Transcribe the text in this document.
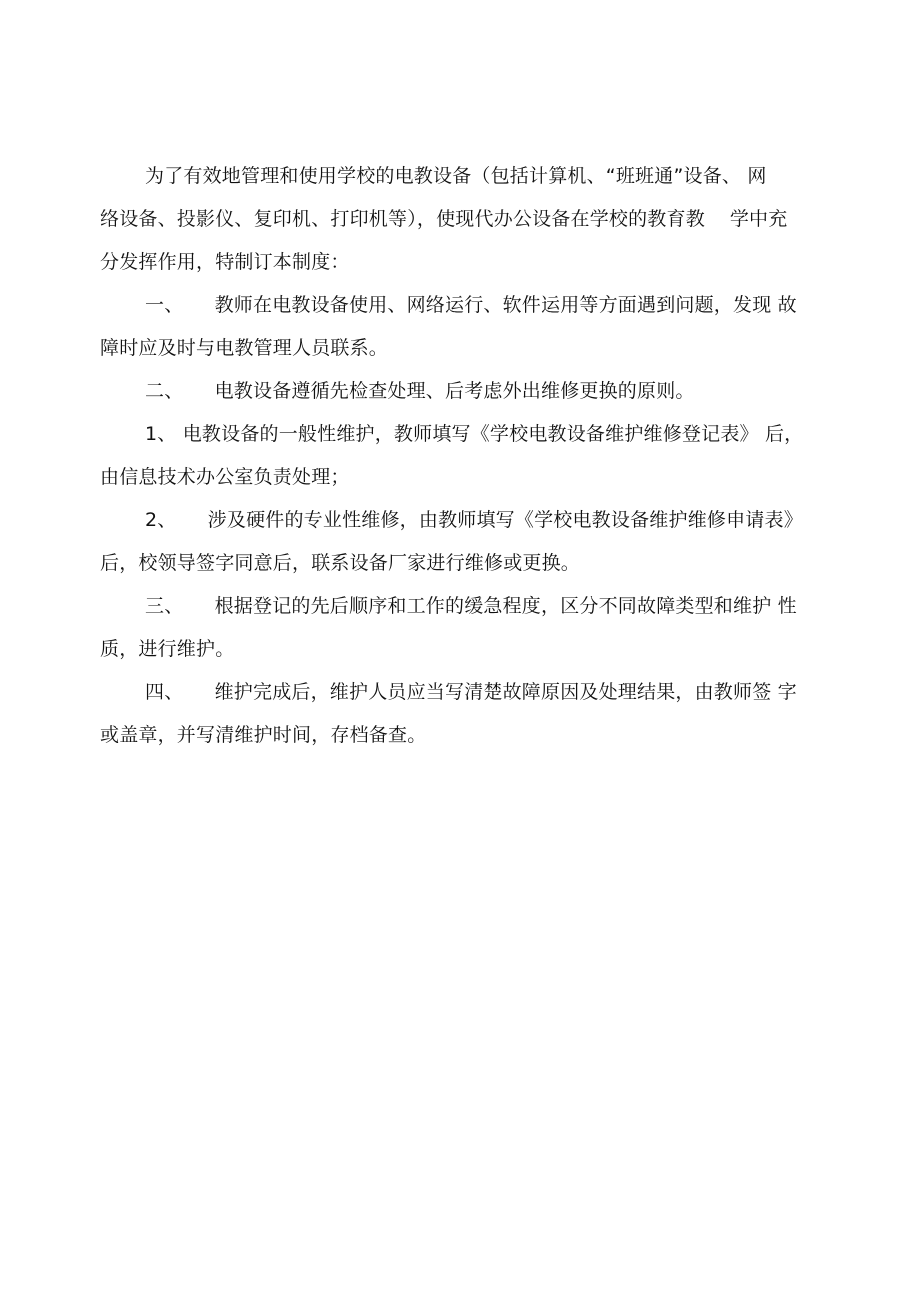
为了有效地管理和使用学校的电教设备（包括计算机、“班班通”设备、 网
络设备、投影仪、复印机、打印机等），使现代办公设备在学校的教育教    学中充
分发挥作用，特制订本制度：
一、     教师在电教设备使用、网络运行、软件运用等方面遇到问题，发现 故
障时应及时与电教管理人员联系。
二、     电教设备遵循先检查处理、后考虑外出维修更换的原则。
1、 电教设备的一般性维护，教师填写《学校电教设备维护维修登记表》 后，
由信息技术办公室负责处理；
2、     涉及硬件的专业性维修，由教师填写《学校电教设备维护维修申请表》
后，校领导签字同意后，联系设备厂家进行维修或更换。
三、     根据登记的先后顺序和工作的缓急程度，区分不同故障类型和维护 性
质，进行维护。
四、     维护完成后，维护人员应当写清楚故障原因及处理结果，由教师签 字
或盖章，并写清维护时间，存档备查。
